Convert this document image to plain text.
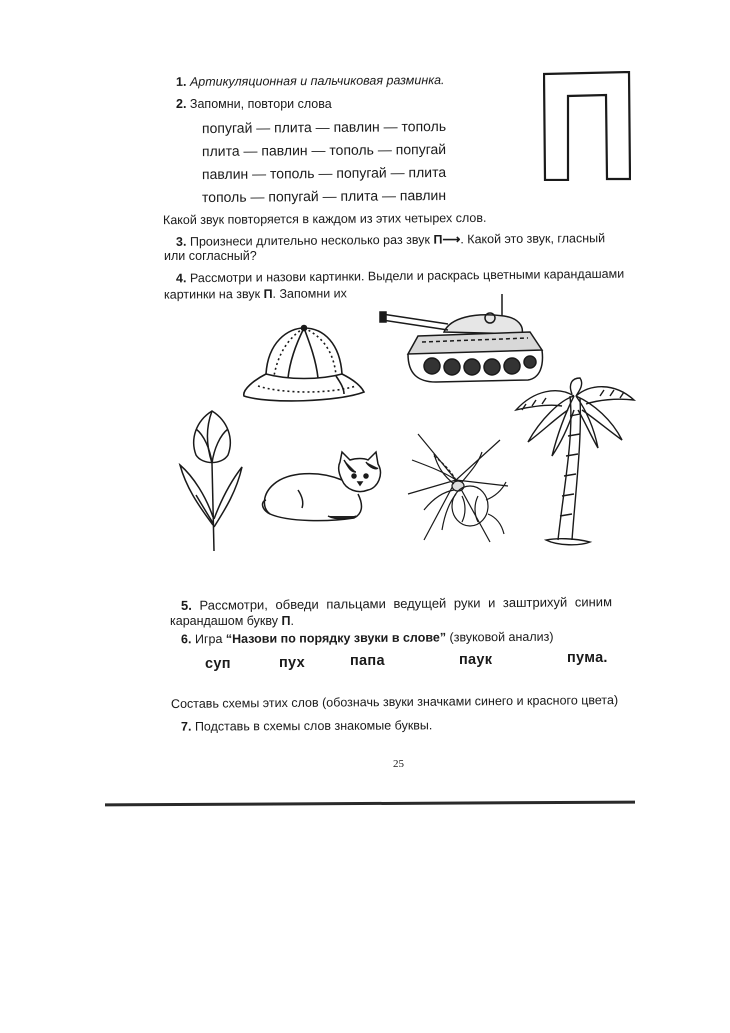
1. Артикуляционная и пальчиковая разминка.
2. Запомни, повтори слова
попугай — плита — павлин — тополь
плита — павлин — тополь — попугай
павлин — тополь — попугай — плита
тополь — попугай — плита — павлин
Какой звук повторяется в каждом из этих четырех слов.
3. Произнеси длительно несколько раз звук П⟶. Какой это звук, гласный
или согласный?
4. Рассмотри и назови картинки. Выдели и раскрась цветными карандашами
картинки на звук П. Запомни их
5. Рассмотри, обведи пальцами ведущей руки и заштрихуй синим
карандашом букву П.
6. Игра “Назови по порядку звуки в слове” (звуковой анализ)
суп	пух	папа	паук	пума.
Составь схемы этих слов (обозначь звуки значками синего и красного цвета)
7. Подставь в схемы слов знакомые буквы.
25
